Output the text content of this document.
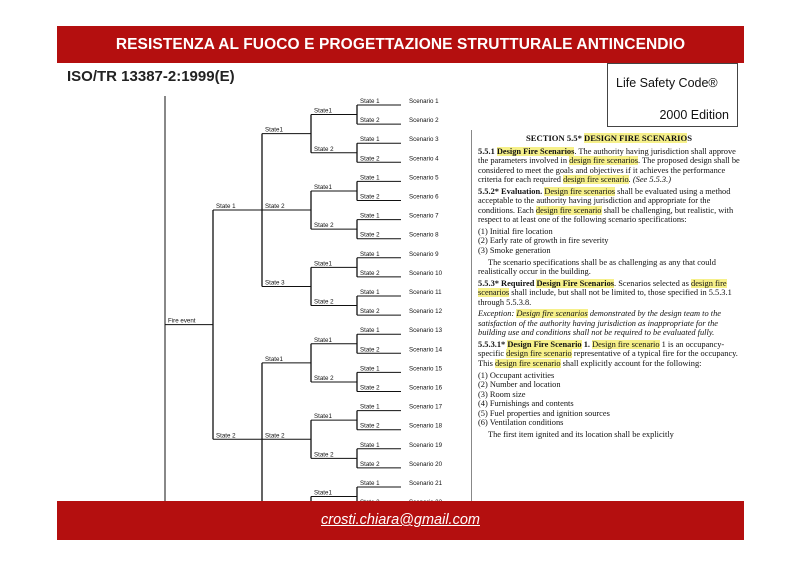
RESISTENZA AL FUOCO E PROGETTAZIONE STRUTTURALE ANTINCENDIO
ISO/TR 13387-2:1999(E)
State 1	Scenario 1
State 2	Scenario 2
State 1	Scenario 3
State 2	Scenario 4
State 1	Scenario 5
State 2	Scenario 6
State 1	Scenario 7
State 2	Scenario 8
State 1	Scenario 9
State 2	Scenario 10
State 1	Scenario 11
State 2	Scenario 12
State 1	Scenario 13
State 2	Scenario 14
State 1	Scenario 15
State 2	Scenario 16
State 1	Scenario 17
State 2	Scenario 18
State 1	Scenario 19
State 2	Scenario 20
State 1	Scenario 21
State1
State 2
State1
State 2
State1
State 2
State1
State 2
State1
State 2
State1
State1
State 2
State 3
State1
State 2
State 1
State 2
Fire event
Life Safety Code®
2000 Edition

SECTION 5.5* DESIGN FIRE SCENARIOS

5.5.1 Design Fire Scenarios. The authority having jurisdiction shall approve the parameters involved in design fire scenarios. The proposed design shall be considered to meet the goals and objectives if it achieves the performance criteria for each required design fire scenario. (See 5.5.3.)

5.5.2* Evaluation. Design fire scenarios shall be evaluated using a method acceptable to the authority having jurisdiction and appropriate for the conditions. Each design fire scenario shall be challenging, but realistic, with respect to at least one of the following scenario specifications:

(1) Initial fire location
(2) Early rate of growth in fire severity
(3) Smoke generation

The scenario specifications shall be as challenging as any that could realistically occur in the building.

5.5.3* Required Design Fire Scenarios. Scenarios selected as design fire scenarios shall include, but shall not be limited to, those specified in 5.5.3.1 through 5.5.3.8.

Exception: Design fire scenarios demonstrated by the design team to the satisfaction of the authority having jurisdiction as inappropriate for the building use and conditions shall not be required to be evaluated fully.

5.5.3.1* Design Fire Scenario 1. Design fire scenario 1 is an occupancy-specific design fire scenario representative of a typical fire for the occupancy. This design fire scenario shall explicitly account for the following:

(1) Occupant activities
(2) Number and location
(3) Room size
(4) Furnishings and contents
(5) Fuel properties and ignition sources
(6) Ventilation conditions

The first item ignited and its location shall be explicitly

crosti.chiara@gmail.com
